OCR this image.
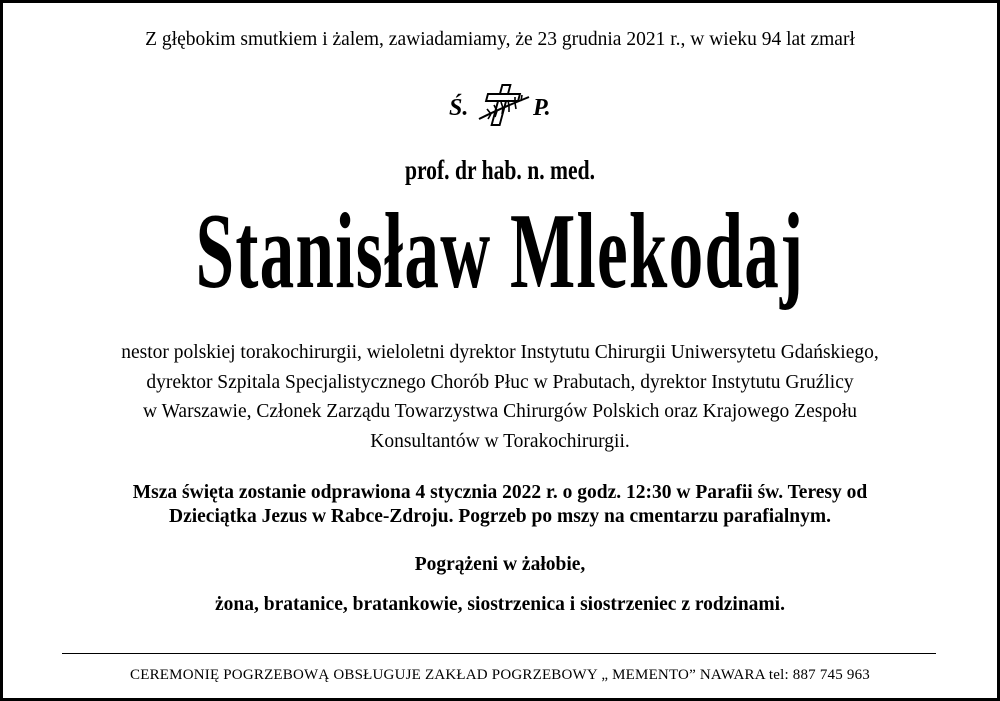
Z głębokim smutkiem i żalem, zawiadamiamy, że 23 grudnia 2021 r., w wieku 94 lat zmarł
Ś.	P.
prof. dr hab. n. med.
Stanisław Mlekodaj
nestor polskiej torakochirurgii, wieloletni dyrektor Instytutu Chirurgii Uniwersytetu Gdańskiego,
dyrektor Szpitala Specjalistycznego Chorób Płuc w Prabutach, dyrektor Instytutu Gruźlicy
w Warszawie, Członek Zarządu Towarzystwa Chirurgów Polskich oraz Krajowego Zespołu
Konsultantów w Torakochirurgii.
Msza święta zostanie odprawiona 4 stycznia 2022 r. o godz. 12:30 w Parafii św. Teresy od
Dzieciątka Jezus w Rabce-Zdroju. Pogrzeb po mszy na cmentarzu parafialnym.
Pogrążeni w żałobie,
żona, bratanice, bratankowie, siostrzenica i siostrzeniec z rodzinami.
CEREMONIĘ POGRZEBOWĄ OBSŁUGUJE ZAKŁAD POGRZEBOWY „ MEMENTO” NAWARA tel: 887 745 963
